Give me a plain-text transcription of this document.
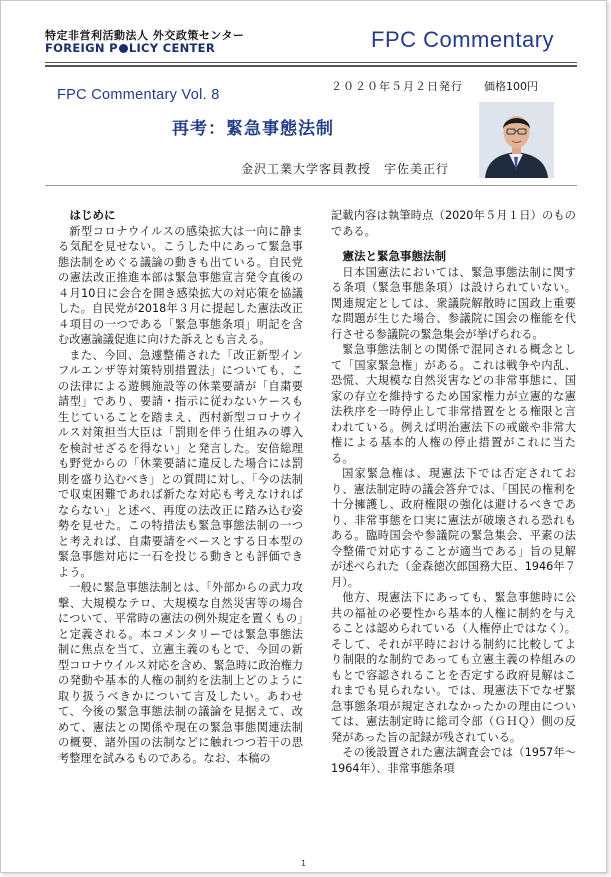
特定非営利活動法人 外交政策センター
FOREIGN P LICY CENTER	FPC Commentary
２０２０年５月２日発行 価格100円
FPC Commentary Vol. 8
再考：緊急事態法制
金沢工業大学客員教授　宇佐美正行

はじめに

新型コロナウイルスの感染拡大は一向に静まる気配を見せない。こうした中にあって緊急事態法制をめぐる議論の動きも出ている。自民党の憲法改正推進本部は緊急事態宣言発令直後の４月10日に会合を開き感染拡大の対応策を協議した。自民党が2018年３月に提起した憲法改正４項目の一つである「緊急事態条項」明記を含む改憲論議促進に向けた訴えとも言える。

また、今回、急遽整備された「改正新型インフルエンザ等対策特別措置法」についても、この法律による遊興施設等の休業要請が「自粛要請型」であり、要請・指示に従わないケースも生じていることを踏まえ、西村新型コロナウイルス対策担当大臣は「罰則を伴う仕組みの導入を検討せざるを得ない」と発言した。安倍総理も野党からの「休業要請に違反した場合には罰則を盛り込むべき」との質問に対し、「今の法制で収束困難であれば新たな対応も考えなければならない」と述べ、再度の法改正に踏み込む姿勢を見せた。この特措法も緊急事態法制の一つと考えれば、自粛要請をベースとする日本型の緊急事態対応に一石を投じる動きとも評価できよう。

一般に緊急事態法制とは、「外部からの武力攻撃、大規模なテロ、大規模な自然災害等の場合について、平常時の憲法の例外規定を置くもの」と定義される。本コメンタリーでは緊急事態法制に焦点を当て、立憲主義のもとで、今回の新型コロナウイルス対応を含め、緊急時に政治権力の発動や基本的人権の制約を法制上どのように取り扱うべきかについて言及したい。あわせて、今後の緊急事態法制の議論を見据えて、改めて、憲法との関係や現在の緊急事態関連法制の概要、諸外国の法制などに触れつつ若干の思考整理を試みるものである。なお、本稿の

記載内容は執筆時点（2020年５月１日）のものである。

憲法と緊急事態法制

日本国憲法においては、緊急事態法制に関する条項（緊急事態条項）は設けられていない。関連規定としては、衆議院解散時に国政上重要な問題が生じた場合、参議院に国会の権能を代行させる参議院の緊急集会が挙げられる。

緊急事態法制との関係で混同される概念として「国家緊急権」がある。これは戦争や内乱、恐慌、大規模な自然災害などの非常事態に、国家の存立を維持するため国家権力が立憲的な憲法秩序を一時停止して非常措置をとる権限と言われている。例えば明治憲法下の戒厳や非常大権による基本的人権の停止措置がこれに当たる。

国家緊急権は、現憲法下では否定されており、憲法制定時の議会答弁では、「国民の権利を十分擁護し、政府権限の強化は避けるべきであり、非常事態を口実に憲法が破壊される恐れもある。臨時国会や参議院の緊急集会、平素の法令整備で対応することが適当である」旨の見解が述べられた（金森徳次郎国務大臣、1946年７月）。

他方、現憲法下にあっても、緊急事態時に公共の福祉の必要性から基本的人権に制約を与えることは認められている（人権停止ではなく）。そして、それが平時における制約に比較してより制限的な制約であっても立憲主義の枠組みのもとで容認されることを否定する政府見解はこれまでも見られない。では、現憲法下でなぜ緊急事態条項が規定されなかったかの理由については、憲法制定時に総司令部（ＧＨＱ）側の反発があった旨の記録が残されている。

その後設置された憲法調査会では（1957年～1964年）、非常事態条項

1
